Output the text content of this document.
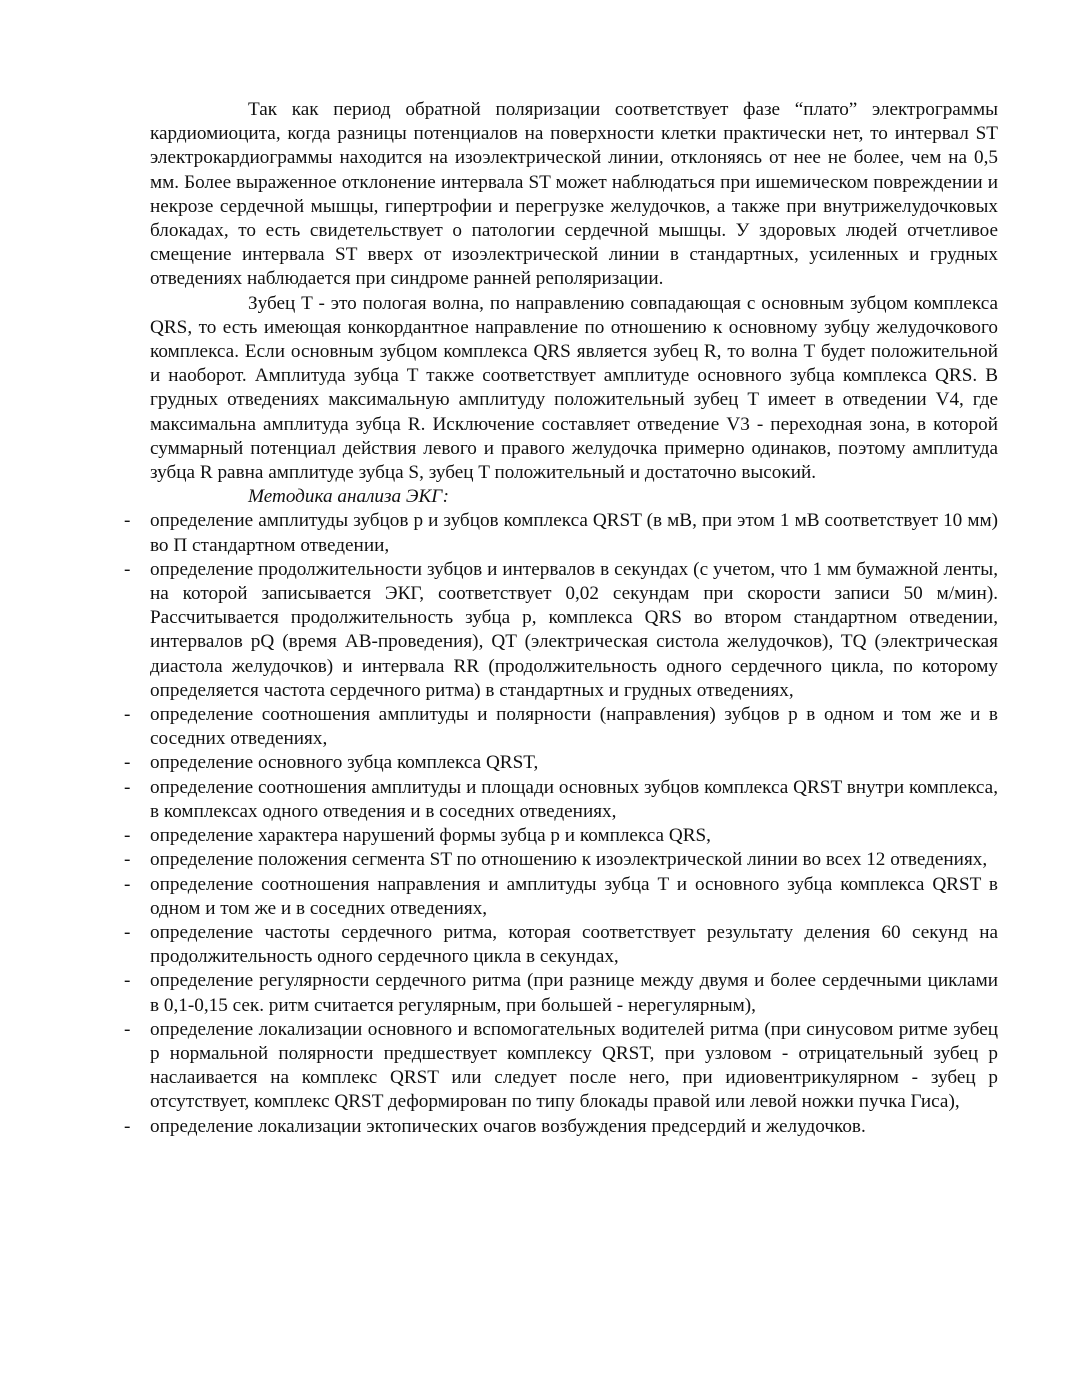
Так как период обратной поляризации соответствует фазе “плато” электрограммы кардиомиоцита, когда разницы потенциалов на поверхности клетки практически нет, то интервал ST электрокардиограммы находится на изоэлектрической линии, отклоняясь от нее не более, чем на 0,5 мм. Более выраженное отклонение интервала ST может наблюдаться при ишемическом повреждении и некрозе сердечной мышцы, гипертрофии и перегрузке желудочков, а также при внутрижелудочковых блокадах, то есть свидетельствует о патологии сердечной мышцы. У здоровых людей отчетливое смещение интервала ST вверх от изоэлектрической линии в стандартных, усиленных и грудных отведениях наблюдается при синдроме ранней реполяризации.

Зубец T - это пологая волна, по направлению совпадающая с основным зубцом комплекса QRS, то есть имеющая конкордантное направление по отношению к основному зубцу желудочкового комплекса. Если основным зубцом комплекса QRS является зубец R, то волна T будет положительной и наоборот. Амплитуда зубца T также соответствует амплитуде основного зубца комплекса QRS. В грудных отведениях максимальную амплитуду положительный зубец T имеет в отведении V4, где максимальна амплитуда зубца R. Исключение составляет отведение V3 - переходная зона, в которой суммарный потенциал действия левого и правого желудочка примерно одинаков, поэтому амплитуда зубца R равна амплитуде зубца S, зубец T положительный и достаточно высокий.

Методика анализа ЭКГ:

- определение амплитуды зубцов р и зубцов комплекса QRST (в мВ, при этом 1 мВ соответствует 10 мм) во П стандартном отведении,
- определение продолжительности зубцов и интервалов в секундах (с учетом, что 1 мм бумажной ленты, на которой записывается ЭКГ, соответствует 0,02 секундам при скорости записи 50 м/мин). Рассчитывается продолжительность зубца р, комплекса QRS во втором стандартном отведении, интервалов pQ (время АВ-проведения), QT (электрическая систола желудочков), TQ (электрическая диастола желудочков) и интервала RR (продолжительность одного сердечного цикла, по которому определяется частота сердечного ритма) в стандартных и грудных отведениях,
- определение соотношения амплитуды и полярности (направления) зубцов р в одном и том же и в соседних отведениях,
- определение основного зубца комплекса QRST,
- определение соотношения амплитуды и площади основных зубцов комплекса QRST внутри комплекса, в комплексах одного отведения и в соседних отведениях,
- определение характера нарушений формы зубца р и комплекса QRS,
- определение положения сегмента ST по отношению к изоэлектрической линии во всех 12 отведениях,
- определение соотношения направления и амплитуды зубца T и основного зубца комплекса QRST в одном и том же и в соседних отведениях,
- определение частоты сердечного ритма, которая соответствует результату деления 60 секунд на продолжительность одного сердечного цикла в секундах,
- определение регулярности сердечного ритма (при разнице между двумя и более сердечными циклами в 0,1-0,15 сек. ритм считается регулярным, при большей - нерегулярным),
- определение локализации основного и вспомогательных водителей ритма (при синусовом ритме зубец р нормальной полярности предшествует комплексу QRST, при узловом - отрицательный зубец р наслаивается на комплекс QRST или следует после него, при идиовентрикулярном - зубец р отсутствует, комплекс QRST деформирован по типу блокады правой или левой ножки пучка Гиса),
- определение локализации эктопических очагов возбуждения предсердий и желудочков.
